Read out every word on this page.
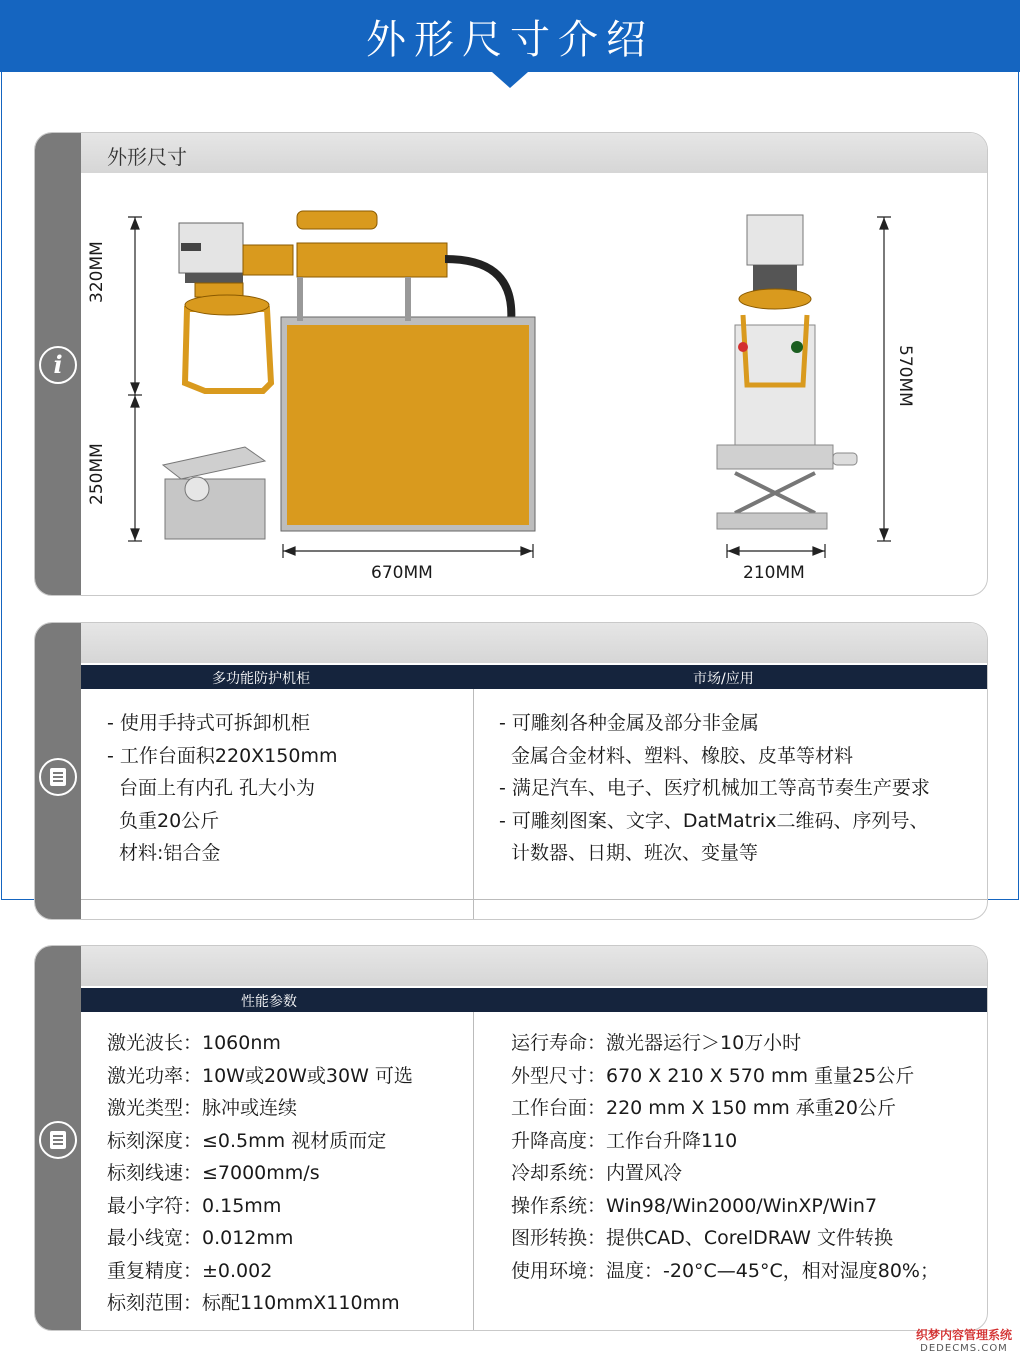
外形尺寸介绍
i
外形尺寸
320MM
250MM
670MM
570MM
210MM
多功能防护机柜	市场/应用
- 使用手持式可拆卸机柜
- 工作台面积220X150mm
台面上有内孔 孔大小为
负重20公斤
材料:铝合金
- 可雕刻各种金属及部分非金属
金属合金材料、塑料、橡胶、皮革等材料
- 满足汽车、电子、医疗机械加工等高节奏生产要求
- 可雕刻图案、文字、DatMatrix二维码、序列号、
计数器、日期、班次、变量等
性能参数
激光波长：1060nm
激光功率：10W或20W或30W 可选
激光类型：脉冲或连续
标刻深度：≤0.5mm 视材质而定
标刻线速：≤7000mm/s
最小字符：0.15mm
最小线宽：0.012mm
重复精度：±0.002
标刻范围：标配110mmX110mm
运行寿命：激光器运行＞10万小时
外型尺寸：670 X 210 X 570 mm 重量25公斤
工作台面：220 mm X 150 mm 承重20公斤
升降高度：工作台升降110
冷却系统：内置风冷
操作系统：Win98/Win2000/WinXP/Win7
图形转换：提供CAD、CorelDRAW 文件转换
使用环境：温度：-20°C—45°C，相对湿度80%；
织梦内容管理系统
DEDECMS.COM
